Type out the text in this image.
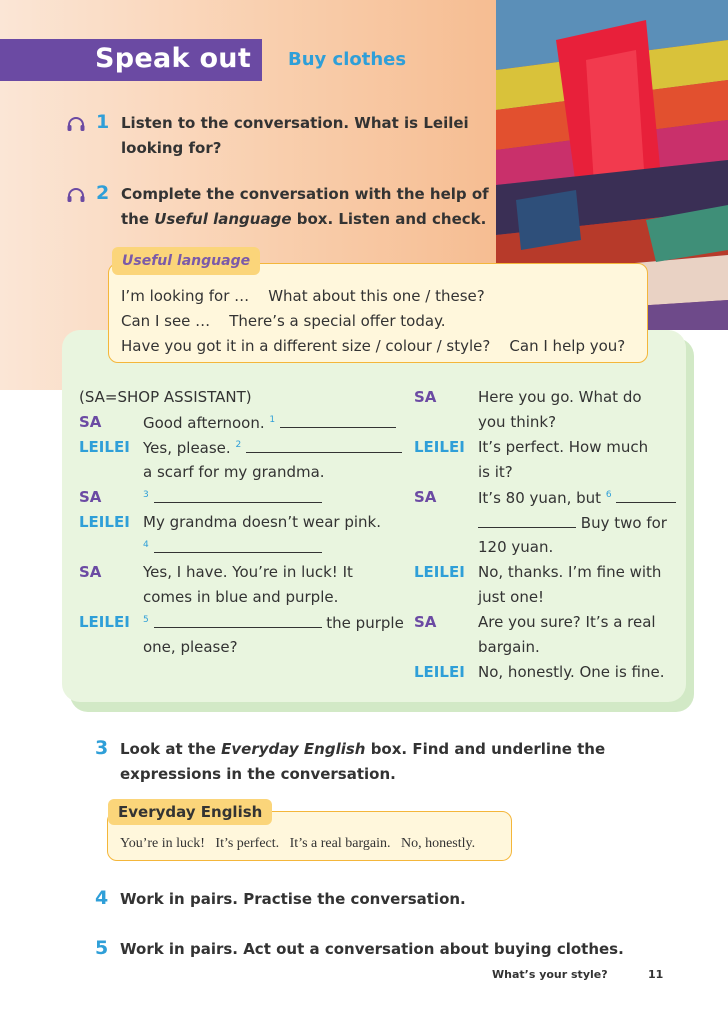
Speak out Buy clothes
1 Listen to the conversation. What is Leilei
looking for?
2 Complete the conversation with the help of
the Useful language box. Listen and check.
Useful language
I’m looking for …    What about this one / these?
Can I see …    There’s a special offer today.
Have you got it in a different size / colour / style?    Can I help you?
(SA=SHOP ASSISTANT)
SA	Good afternoon. $^1$
LEILEI Yes, please. $^2$
a scarf for my grandma.
SA	$^3$
LEILEI My grandma doesn’t wear pink.
$^4$
SA	Yes, I have. You’re in luck! It
comes in blue and purple.
LEILEI $^5$	the purple
one, please?
SA	Here you go. What do
you think?
LEILEI It’s perfect. How much
is it?
SA	It’s 80 yuan, but $^6$
Buy two for
120 yuan.
LEILEI No, thanks. I’m fine with
just one!
SA	Are you sure? It’s a real
bargain.
LEILEI No, honestly. One is fine.
3 Look at the Everyday English box. Find and underline the
expressions in the conversation.
Everyday English
You’re in luck!   It’s perfect.   It’s a real bargain.   No, honestly.
4 Work in pairs. Practise the conversation.
5 Work in pairs. Act out a conversation about buying clothes.
What’s your style?	11
